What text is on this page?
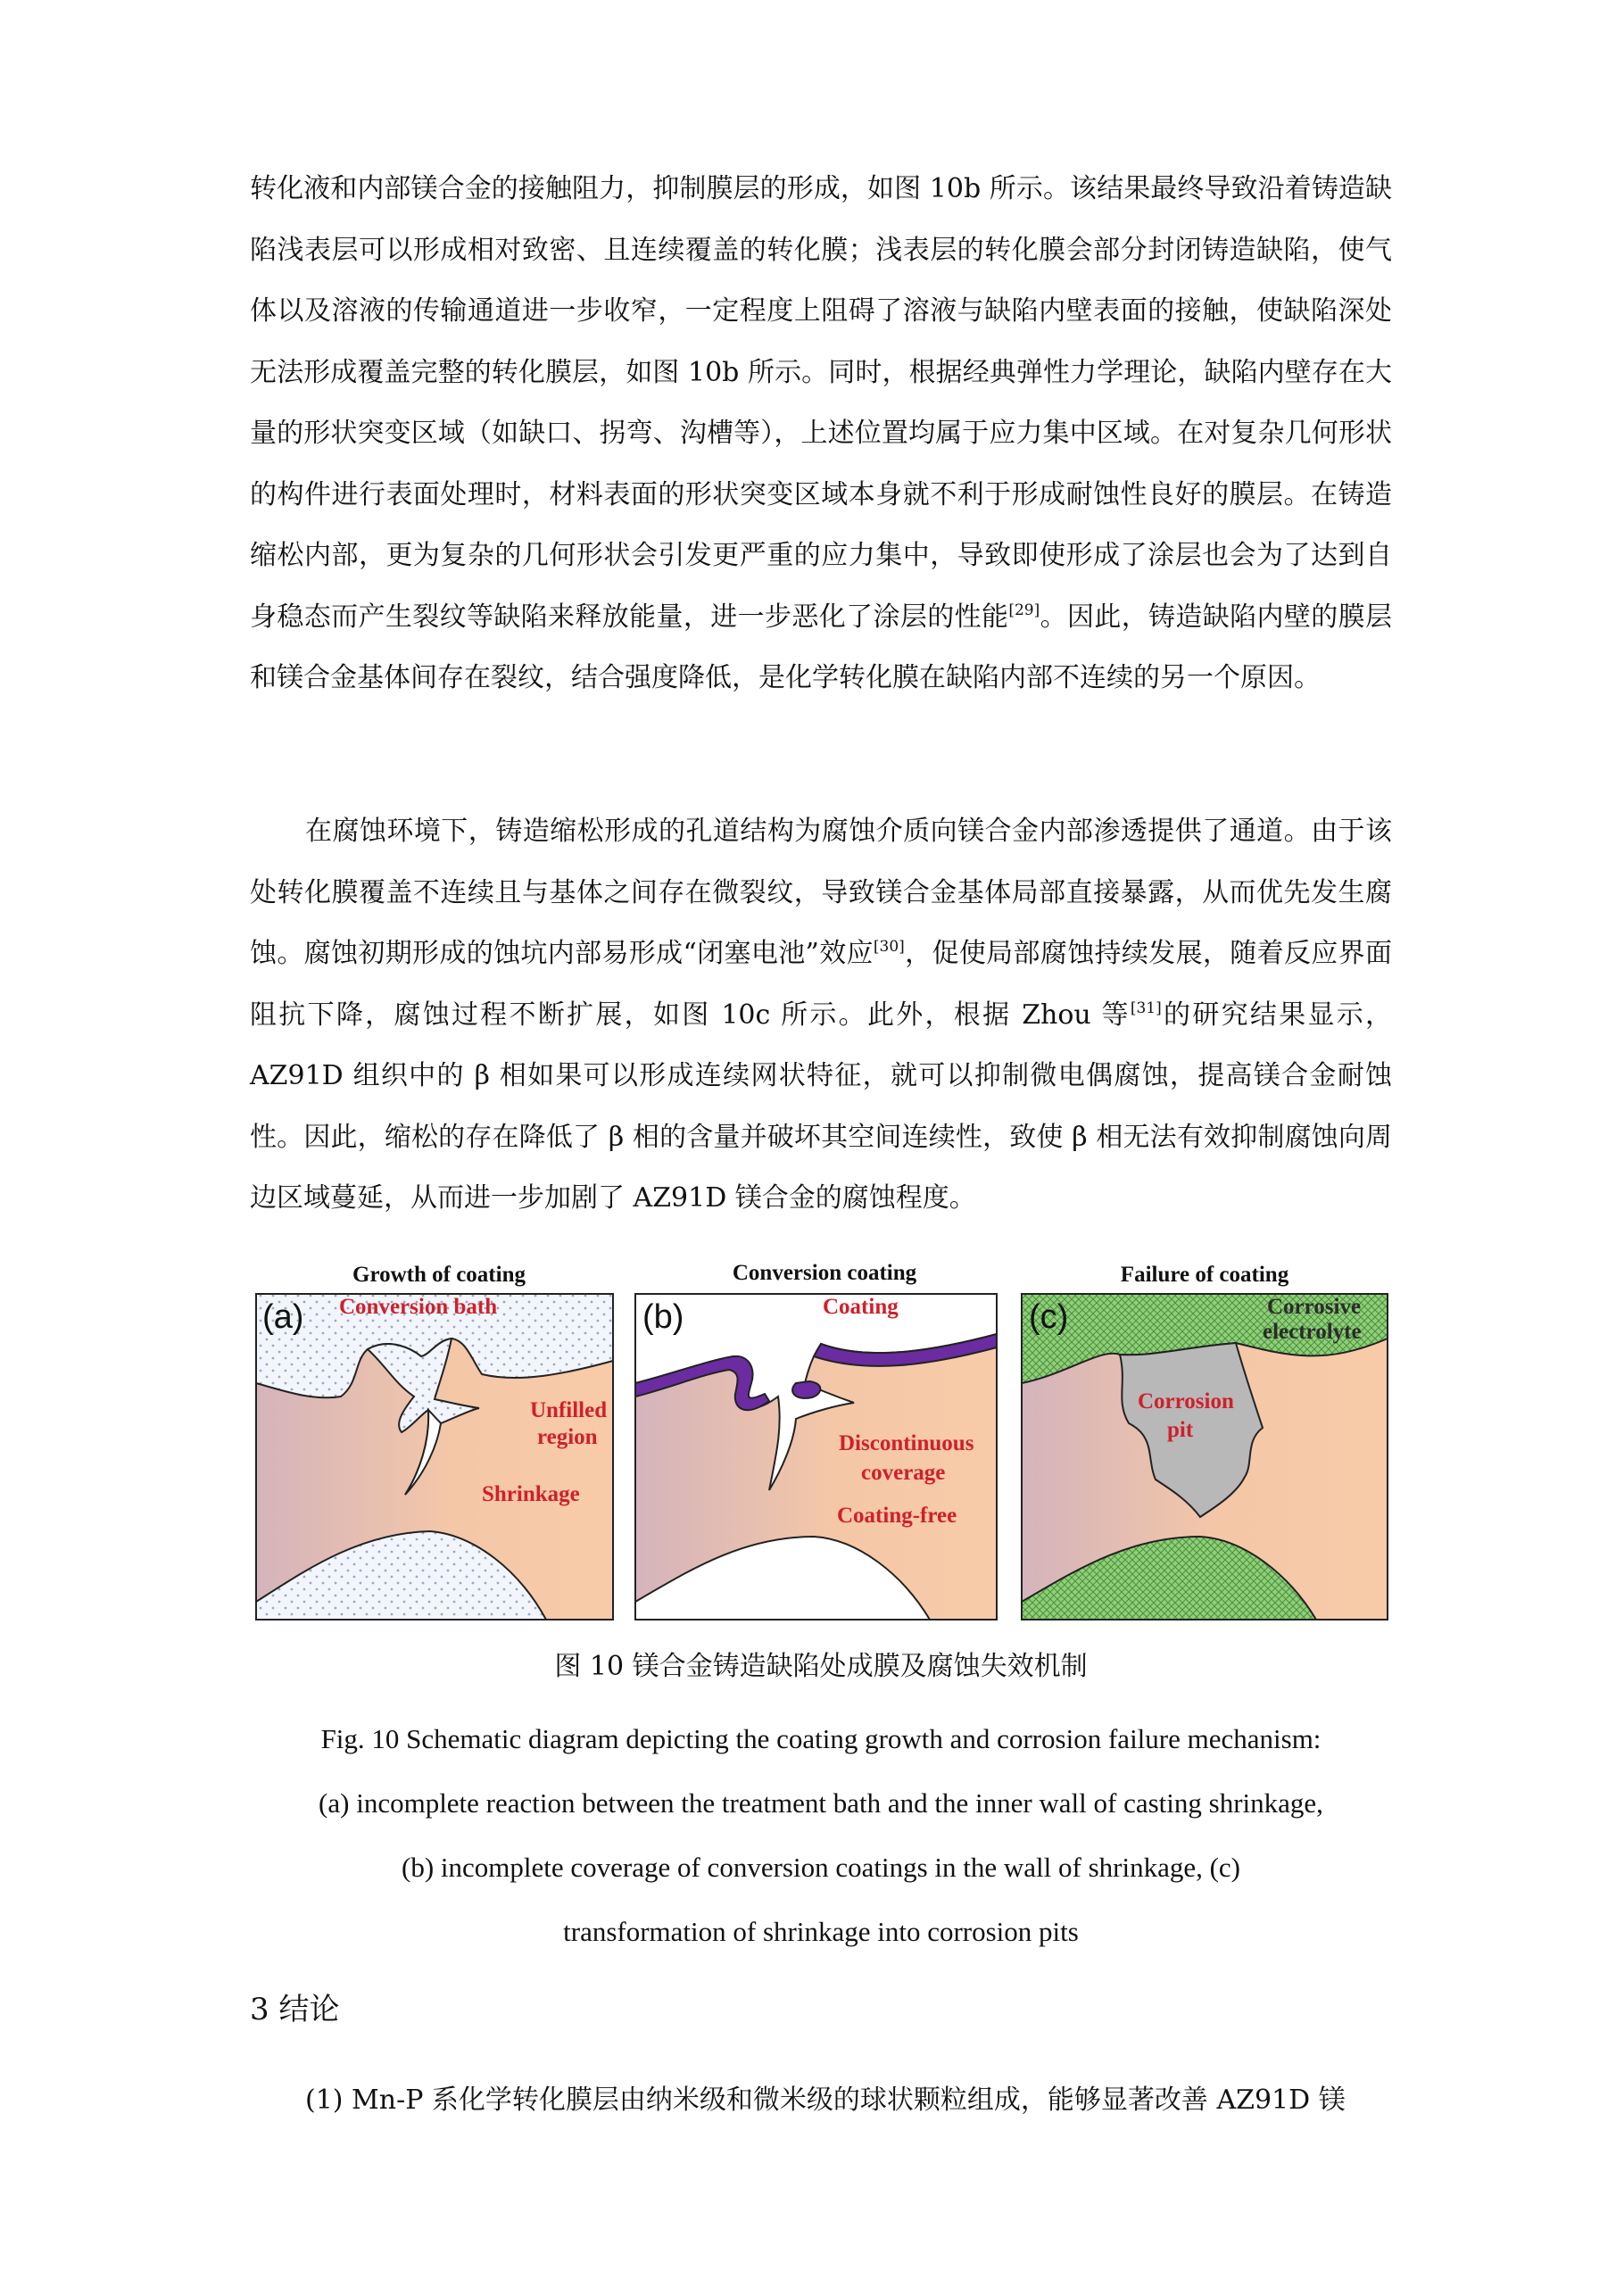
转化液和内部镁合金的接触阻力，抑制膜层的形成，如图 10b 所示。该结果最终导致沿着铸造缺陷浅表层可以形成相对致密、且连续覆盖的转化膜；浅表层的转化膜会部分封闭铸造缺陷，使气体以及溶液的传输通道进一步收窄，一定程度上阻碍了溶液与缺陷内壁表面的接触，使缺陷深处无法形成覆盖完整的转化膜层，如图 10b 所示。同时，根据经典弹性力学理论，缺陷内壁存在大量的形状突变区域（如缺口、拐弯、沟槽等），上述位置均属于应力集中区域。在对复杂几何形状的构件进行表面处理时，材料表面的形状突变区域本身就不利于形成耐蚀性良好的膜层。在铸造缩松内部，更为复杂的几何形状会引发更严重的应力集中，导致即使形成了涂层也会为了达到自身稳态而产生裂纹等缺陷来释放能量，进一步恶化了涂层的性能[29]。因此，铸造缺陷内壁的膜层和镁合金基体间存在裂纹，结合强度降低，是化学转化膜在缺陷内部不连续的另一个原因。

在腐蚀环境下，铸造缩松形成的孔道结构为腐蚀介质向镁合金内部渗透提供了通道。由于该处转化膜覆盖不连续且与基体之间存在微裂纹，导致镁合金基体局部直接暴露，从而优先发生腐蚀。腐蚀初期形成的蚀坑内部易形成“闭塞电池”效应[30]，促使局部腐蚀持续发展，随着反应界面阻抗下降，腐蚀过程不断扩展，如图 10c 所示。此外，根据 Zhou 等[31]的研究结果显示，AZ91D 组织中的 β 相如果可以形成连续网状特征，就可以抑制微电偶腐蚀，提高镁合金耐蚀性。因此，缩松的存在降低了 β 相的含量并破坏其空间连续性，致使 β 相无法有效抑制腐蚀向周边区域蔓延，从而进一步加剧了 AZ91D 镁合金的腐蚀程度。

Growth of coating
(a) Conversion bath
Unfilled
region
Shrinkage
Conversion coating
(b)	Coating
Discontinuous
coverage
Coating-free
Failure of coating
(c)	Corrosive
electrolyte
Corrosion
pit

图 10 镁合金铸造缺陷处成膜及腐蚀失效机制

Fig. 10 Schematic diagram depicting the coating growth and corrosion failure mechanism:
(a) incomplete reaction between the treatment bath and the inner wall of casting shrinkage,
(b) incomplete coverage of conversion coatings in the wall of shrinkage, (c)
transformation of shrinkage into corrosion pits
3 结论

(1) Mn-P 系化学转化膜层由纳米级和微米级的球状颗粒组成，能够显著改善 AZ91D 镁
